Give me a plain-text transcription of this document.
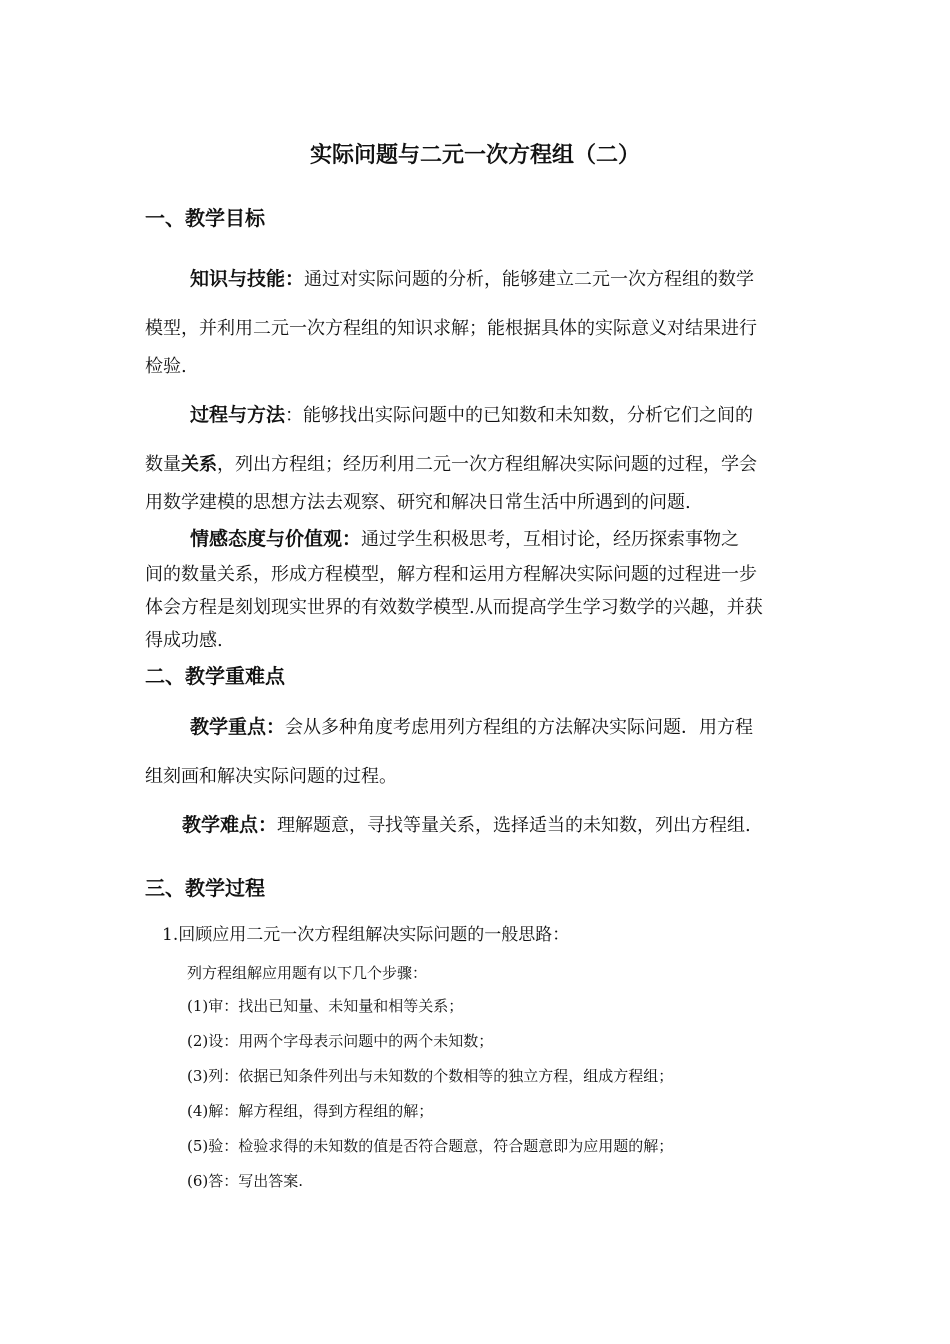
实际问题与二元一次方程组（二）
一、教学目标
知识与技能：通过对实际问题的分析，能够建立二元一次方程组的数学
模型，并利用二元一次方程组的知识求解；能根据具体的实际意义对结果进行
检验.
过程与方法：能够找出实际问题中的已知数和未知数，分析它们之间的
数量关系，列出方程组；经历利用二元一次方程组解决实际问题的过程，学会
用数学建模的思想方法去观察、研究和解决日常生活中所遇到的问题.
情感态度与价值观：通过学生积极思考，互相讨论，经历探索事物之
间的数量关系，形成方程模型，解方程和运用方程解决实际问题的过程进一步
体会方程是刻划现实世界的有效数学模型.从而提高学生学习数学的兴趣，并获
得成功感.
二、教学重难点
教学重点：会从多种角度考虑用列方程组的方法解决实际问题．用方程
组刻画和解决实际问题的过程。
教学难点：理解题意，寻找等量关系，选择适当的未知数，列出方程组.
三、教学过程
1.回顾应用二元一次方程组解决实际问题的一般思路：
列方程组解应用题有以下几个步骤：
(1)审：找出已知量、未知量和相等关系；
(2)设：用两个字母表示问题中的两个未知数；
(3)列：依据已知条件列出与未知数的个数相等的独立方程，组成方程组；
(4)解：解方程组，得到方程组的解；
(5)验：检验求得的未知数的值是否符合题意，符合题意即为应用题的解；
(6)答：写出答案.
